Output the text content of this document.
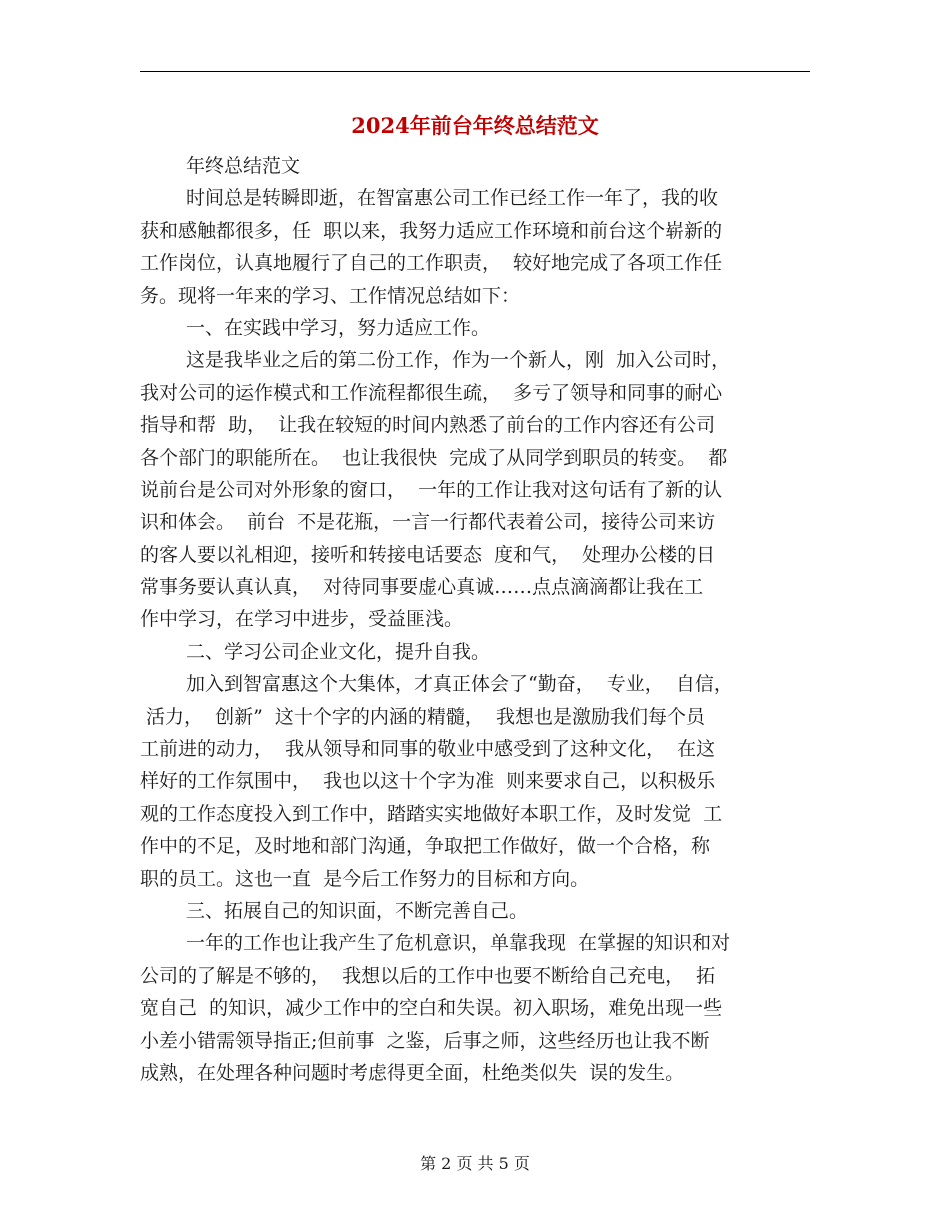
2024年前台年终总结范文
年终总结范文
时间总是转瞬即逝，在智富惠公司工作已经工作一年了，我的收
获和感触都很多，任  职以来，我努力适应工作环境和前台这个崭新的
工作岗位，认真地履行了自己的工作职责，  较好地完成了各项工作任
务。现将一年来的学习、工作情况总结如下：
一、在实践中学习，努力适应工作。
这是我毕业之后的第二份工作，作为一个新人，刚  加入公司时，
我对公司的运作模式和工作流程都很生疏，  多亏了领导和同事的耐心
指导和帮  助，  让我在较短的时间内熟悉了前台的工作内容还有公司
各个部门的职能所在。  也让我很快  完成了从同学到职员的转变。  都
说前台是公司对外形象的窗口，  一年的工作让我对这句话有了新的认
识和体会。  前台  不是花瓶，一言一行都代表着公司，接待公司来访
的客人要以礼相迎，接听和转接电话要态  度和气，  处理办公楼的日
常事务要认真认真，  对待同事要虚心真诚……点点滴滴都让我在工
作中学习，在学习中进步，受益匪浅。
二、学习公司企业文化，提升自我。
加入到智富惠这个大集体，才真正体会了“勤奋，  专业，  自信，
活力，  创新”  这十个字的内涵的精髓，  我想也是激励我们每个员
工前进的动力，  我从领导和同事的敬业中感受到了这种文化，  在这
样好的工作氛围中，  我也以这十个字为准  则来要求自己，以积极乐
观的工作态度投入到工作中，踏踏实实地做好本职工作，及时发觉  工
作中的不足，及时地和部门沟通，争取把工作做好，做一个合格，称
职的员工。这也一直  是今后工作努力的目标和方向。
三、拓展自己的知识面，不断完善自己。
一年的工作也让我产生了危机意识，单靠我现  在掌握的知识和对
公司的了解是不够的，  我想以后的工作中也要不断给自己充电，  拓
宽自己  的知识，减少工作中的空白和失误。初入职场，难免出现一些
小差小错需领导指正;但前事  之鉴，后事之师，这些经历也让我不断
成熟，在处理各种问题时考虑得更全面，杜绝类似失  误的发生。
第 2 页 共 5 页
